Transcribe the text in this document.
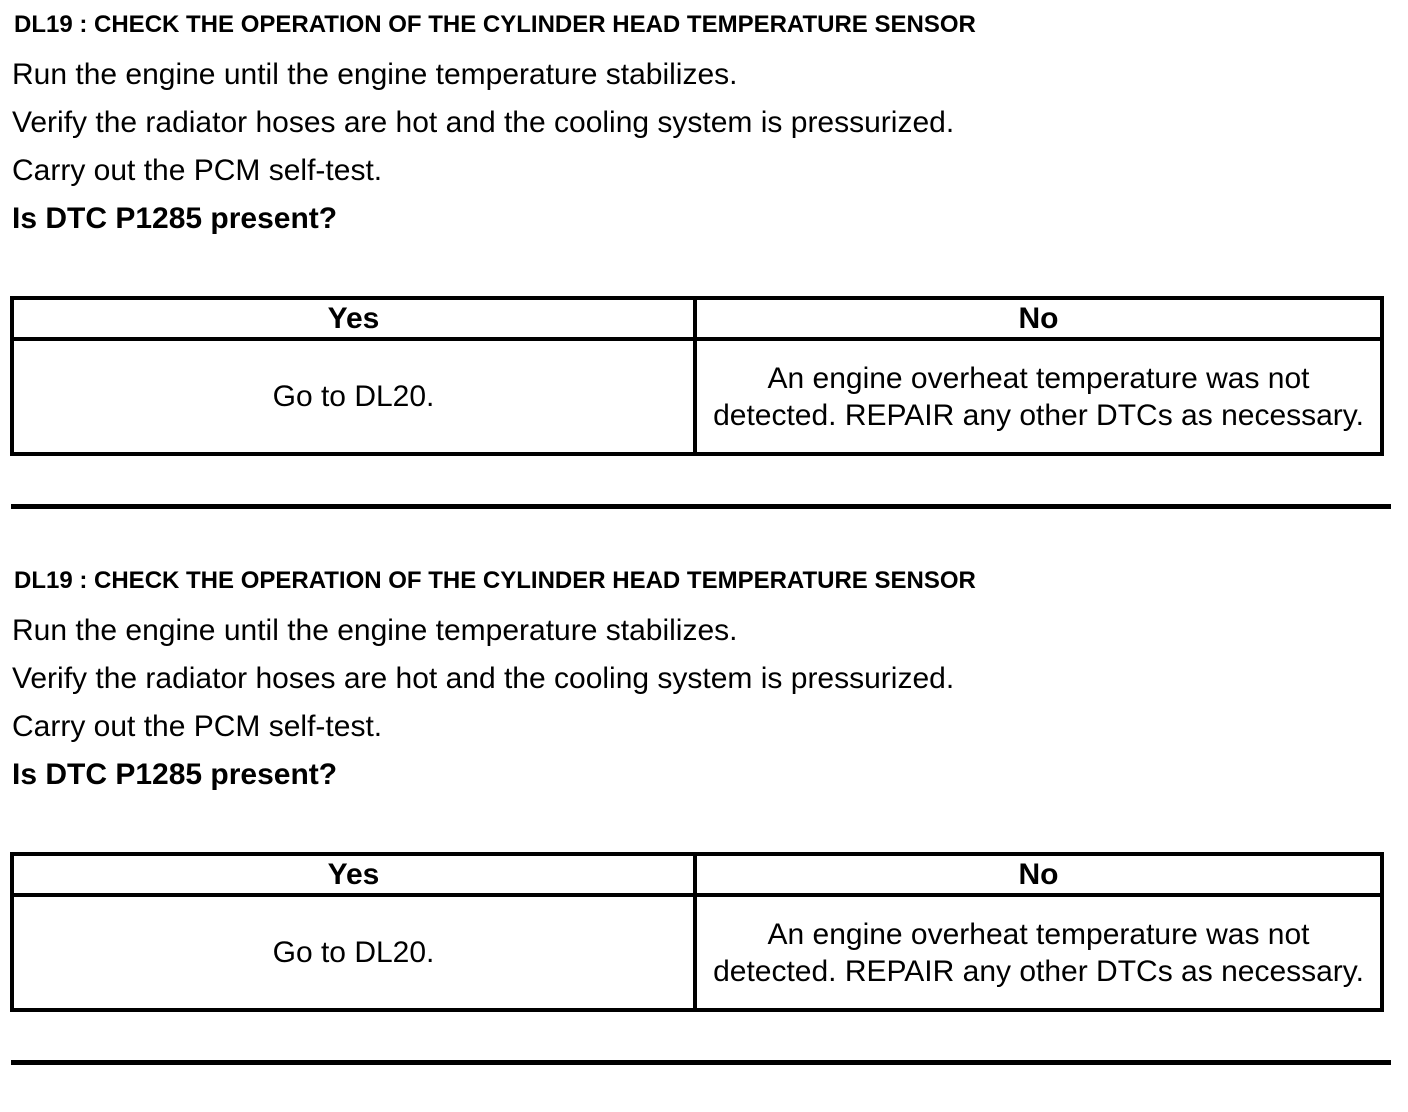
DL19 : CHECK THE OPERATION OF THE CYLINDER HEAD TEMPERATURE SENSOR
Run the engine until the engine temperature stabilizes.
Verify the radiator hoses are hot and the cooling system is pressurized.
Carry out the PCM self-test.
Is DTC P1285 present?
Yes	No
Go to DL20.	An engine overheat temperature was not detected. REPAIR any other DTCs as necessary.
DL19 : CHECK THE OPERATION OF THE CYLINDER HEAD TEMPERATURE SENSOR
Run the engine until the engine temperature stabilizes.
Verify the radiator hoses are hot and the cooling system is pressurized.
Carry out the PCM self-test.
Is DTC P1285 present?
Yes	No
Go to DL20.	An engine overheat temperature was not detected. REPAIR any other DTCs as necessary.
